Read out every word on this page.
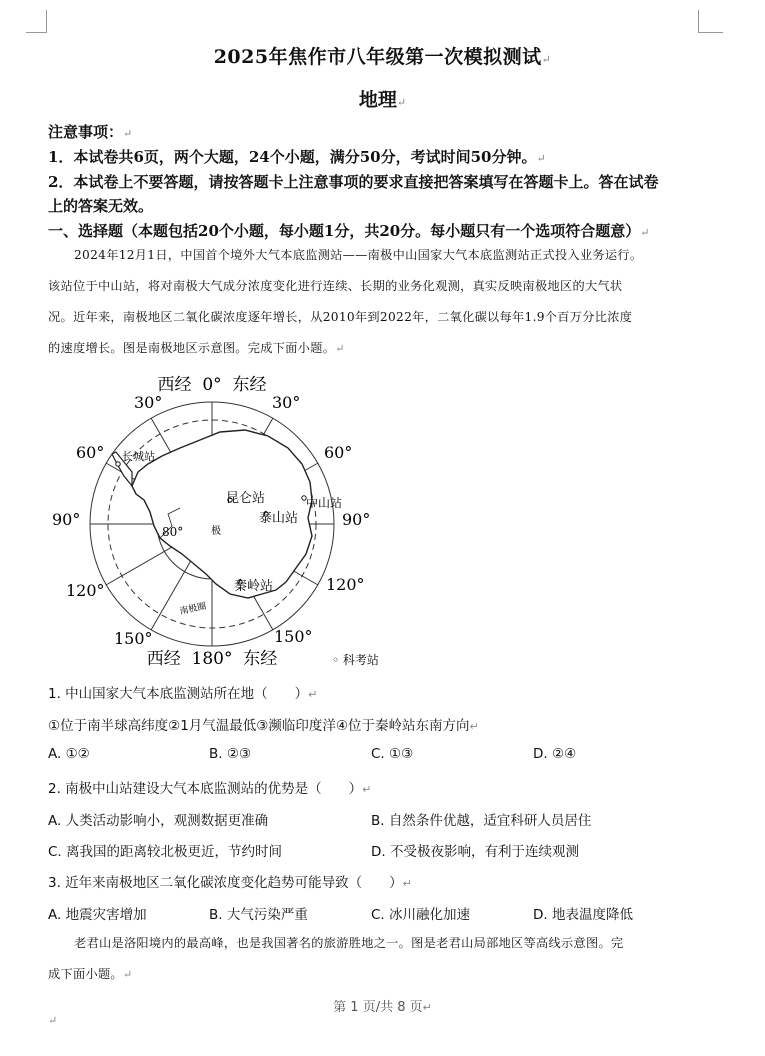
2025年焦作市八年级第一次模拟测试↵
地理↵
注意事项：↵
1．本试卷共6页，两个大题，24个小题，满分50分，考试时间50分钟。↵
2．本试卷上不要答题，请按答题卡上注意事项的要求直接把答案填写在答题卡上。答在试卷
上的答案无效。
一、选择题（本题包括20个小题，每小题1分，共20分。每小题只有一个选项符合题意）↵
2024年12月1日，中国首个境外大气本底监测站——南极中山国家大气本底监测站正式投入业务运行。
该站位于中山站，将对南极大气成分浓度变化进行连续、长期的业务化观测，真实反映南极地区的大气状
况。近年来，南极地区二氧化碳浓度逐年增长，从2010年到2022年，二氧化碳以每年1.9个百万分比浓度
的速度增长。图是南极地区示意图。完成下面小题。↵
西经  0°  东经
西经  180°  东经
30°	30°
60°	60°
90°	90°
120°	120°
150°	150°
80°	极
长城站
昆仑站	中山站
泰山站
秦岭站
南极圈
◦ 科考站
1. 中山国家大气本底监测站所在地（　　）↵
①位于南半球高纬度②1月气温最低③濒临印度洋④位于秦岭站东南方向↵
A. ①②	B. ②③	C. ①③	D. ②④
2. 南极中山站建设大气本底监测站的优势是（　　）↵
A. 人类活动影响小，观测数据更准确	B. 自然条件优越，适宜科研人员居住
C. 离我国的距离较北极更近，节约时间	D. 不受极夜影响，有利于连续观测
3. 近年来南极地区二氧化碳浓度变化趋势可能导致（　　）↵
A. 地震灾害增加	B. 大气污染严重	C. 冰川融化加速	D. 地表温度降低
老君山是洛阳境内的最高峰，也是我国著名的旅游胜地之一。图是老君山局部地区等高线示意图。完
成下面小题。↵
第 1 页/共 8 页↵
↵
